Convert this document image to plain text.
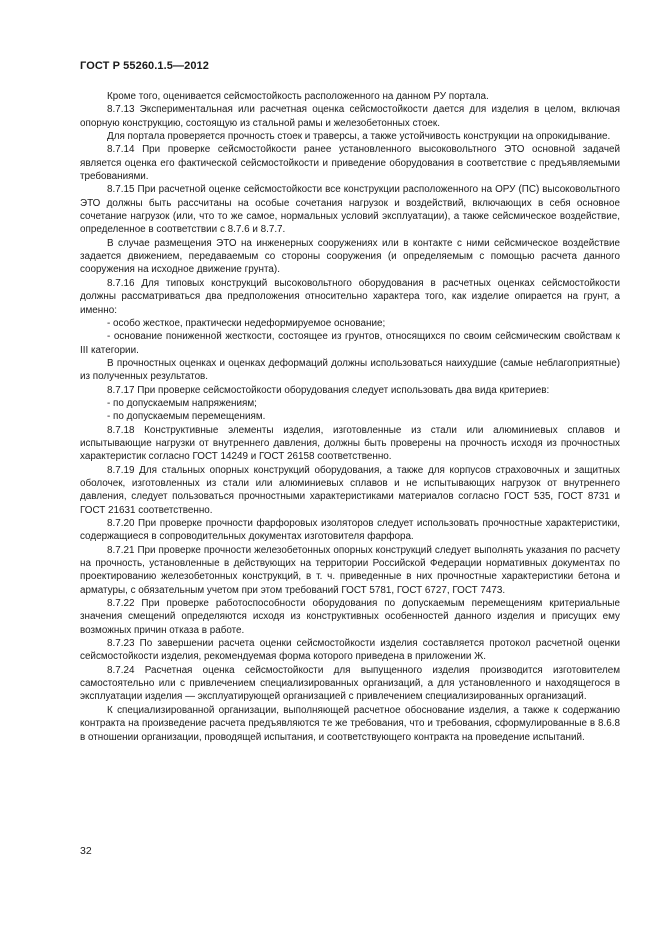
ГОСТ Р 55260.1.5—2012

Кроме того, оценивается сейсмостойкость расположенного на данном РУ портала.

8.7.13 Экспериментальная или расчетная оценка сейсмостойкости дается для изделия в целом, включая опорную конструкцию, состоящую из стальной рамы и железобетонных стоек.

Для портала проверяется прочность стоек и траверсы, а также устойчивость конструкции на опрокидывание.

8.7.14 При проверке сейсмостойкости ранее установленного высоковольтного ЭТО основной задачей является оценка его фактической сейсмостойкости и приведение оборудования в соответствие с предъявляемыми требованиями.

8.7.15 При расчетной оценке сейсмостойкости все конструкции расположенного на ОРУ (ПС) высоковольтного ЭТО должны быть рассчитаны на особые сочетания нагрузок и воздействий, включающих в себя основное сочетание нагрузок (или, что то же самое, нормальных условий эксплуатации), а также сейсмическое воздействие, определенное в соответствии с 8.7.6 и 8.7.7.

В случае размещения ЭТО на инженерных сооружениях или в контакте с ними сейсмическое воздействие задается движением, передаваемым со стороны сооружения (и определяемым с помощью расчета данного сооружения на исходное движение грунта).

8.7.16 Для типовых конструкций высоковольтного оборудования в расчетных оценках сейсмостойкости должны рассматриваться два предположения относительно характера того, как изделие опирается на грунт, а именно:

- особо жесткое, практически недеформируемое основание;

- основание пониженной жесткости, состоящее из грунтов, относящихся по своим сейсмическим свойствам к III категории.

В прочностных оценках и оценках деформаций должны использоваться наихудшие (самые неблагоприятные) из полученных результатов.

8.7.17 При проверке сейсмостойкости оборудования следует использовать два вида критериев:

- по допускаемым напряжениям;

- по допускаемым перемещениям.

8.7.18 Конструктивные элементы изделия, изготовленные из стали или алюминиевых сплавов и испытывающие нагрузки от внутреннего давления, должны быть проверены на прочность исходя из прочностных характеристик согласно ГОСТ 14249 и ГОСТ 26158 соответственно.

8.7.19 Для стальных опорных конструкций оборудования, а также для корпусов страховочных и защитных оболочек, изготовленных из стали или алюминиевых сплавов и не испытывающих нагрузок от внутреннего давления, следует пользоваться прочностными характеристиками материалов согласно ГОСТ 535, ГОСТ 8731 и ГОСТ 21631 соответственно.

8.7.20 При проверке прочности фарфоровых изоляторов следует использовать прочностные характеристики, содержащиеся в сопроводительных документах изготовителя фарфора.

8.7.21 При проверке прочности железобетонных опорных конструкций следует выполнять указания по расчету на прочность, установленные в действующих на территории Российской Федерации нормативных документах по проектированию железобетонных конструкций, в т. ч. приведенные в них прочностные характеристики бетона и арматуры, с обязательным учетом при этом требований ГОСТ 5781, ГОСТ 6727, ГОСТ 7473.

8.7.22 При проверке работоспособности оборудования по допускаемым перемещениям критериальные значения смещений определяются исходя из конструктивных особенностей данного изделия и присущих ему возможных причин отказа в работе.

8.7.23 По завершении расчета оценки сейсмостойкости изделия составляется протокол расчетной оценки сейсмостойкости изделия, рекомендуемая форма которого приведена в приложении Ж.

8.7.24 Расчетная оценка сейсмостойкости для выпущенного изделия производится изготовителем самостоятельно или с привлечением специализированных организаций, а для установленного и находящегося в эксплуатации изделия — эксплуатирующей организацией с привлечением специализированных организаций.

К специализированной организации, выполняющей расчетное обоснование изделия, а также к содержанию контракта на произведение расчета предъявляются те же требования, что и требования, сформулированные в 8.6.8 в отношении организации, проводящей испытания, и соответствующего контракта на проведение испытаний.

32
